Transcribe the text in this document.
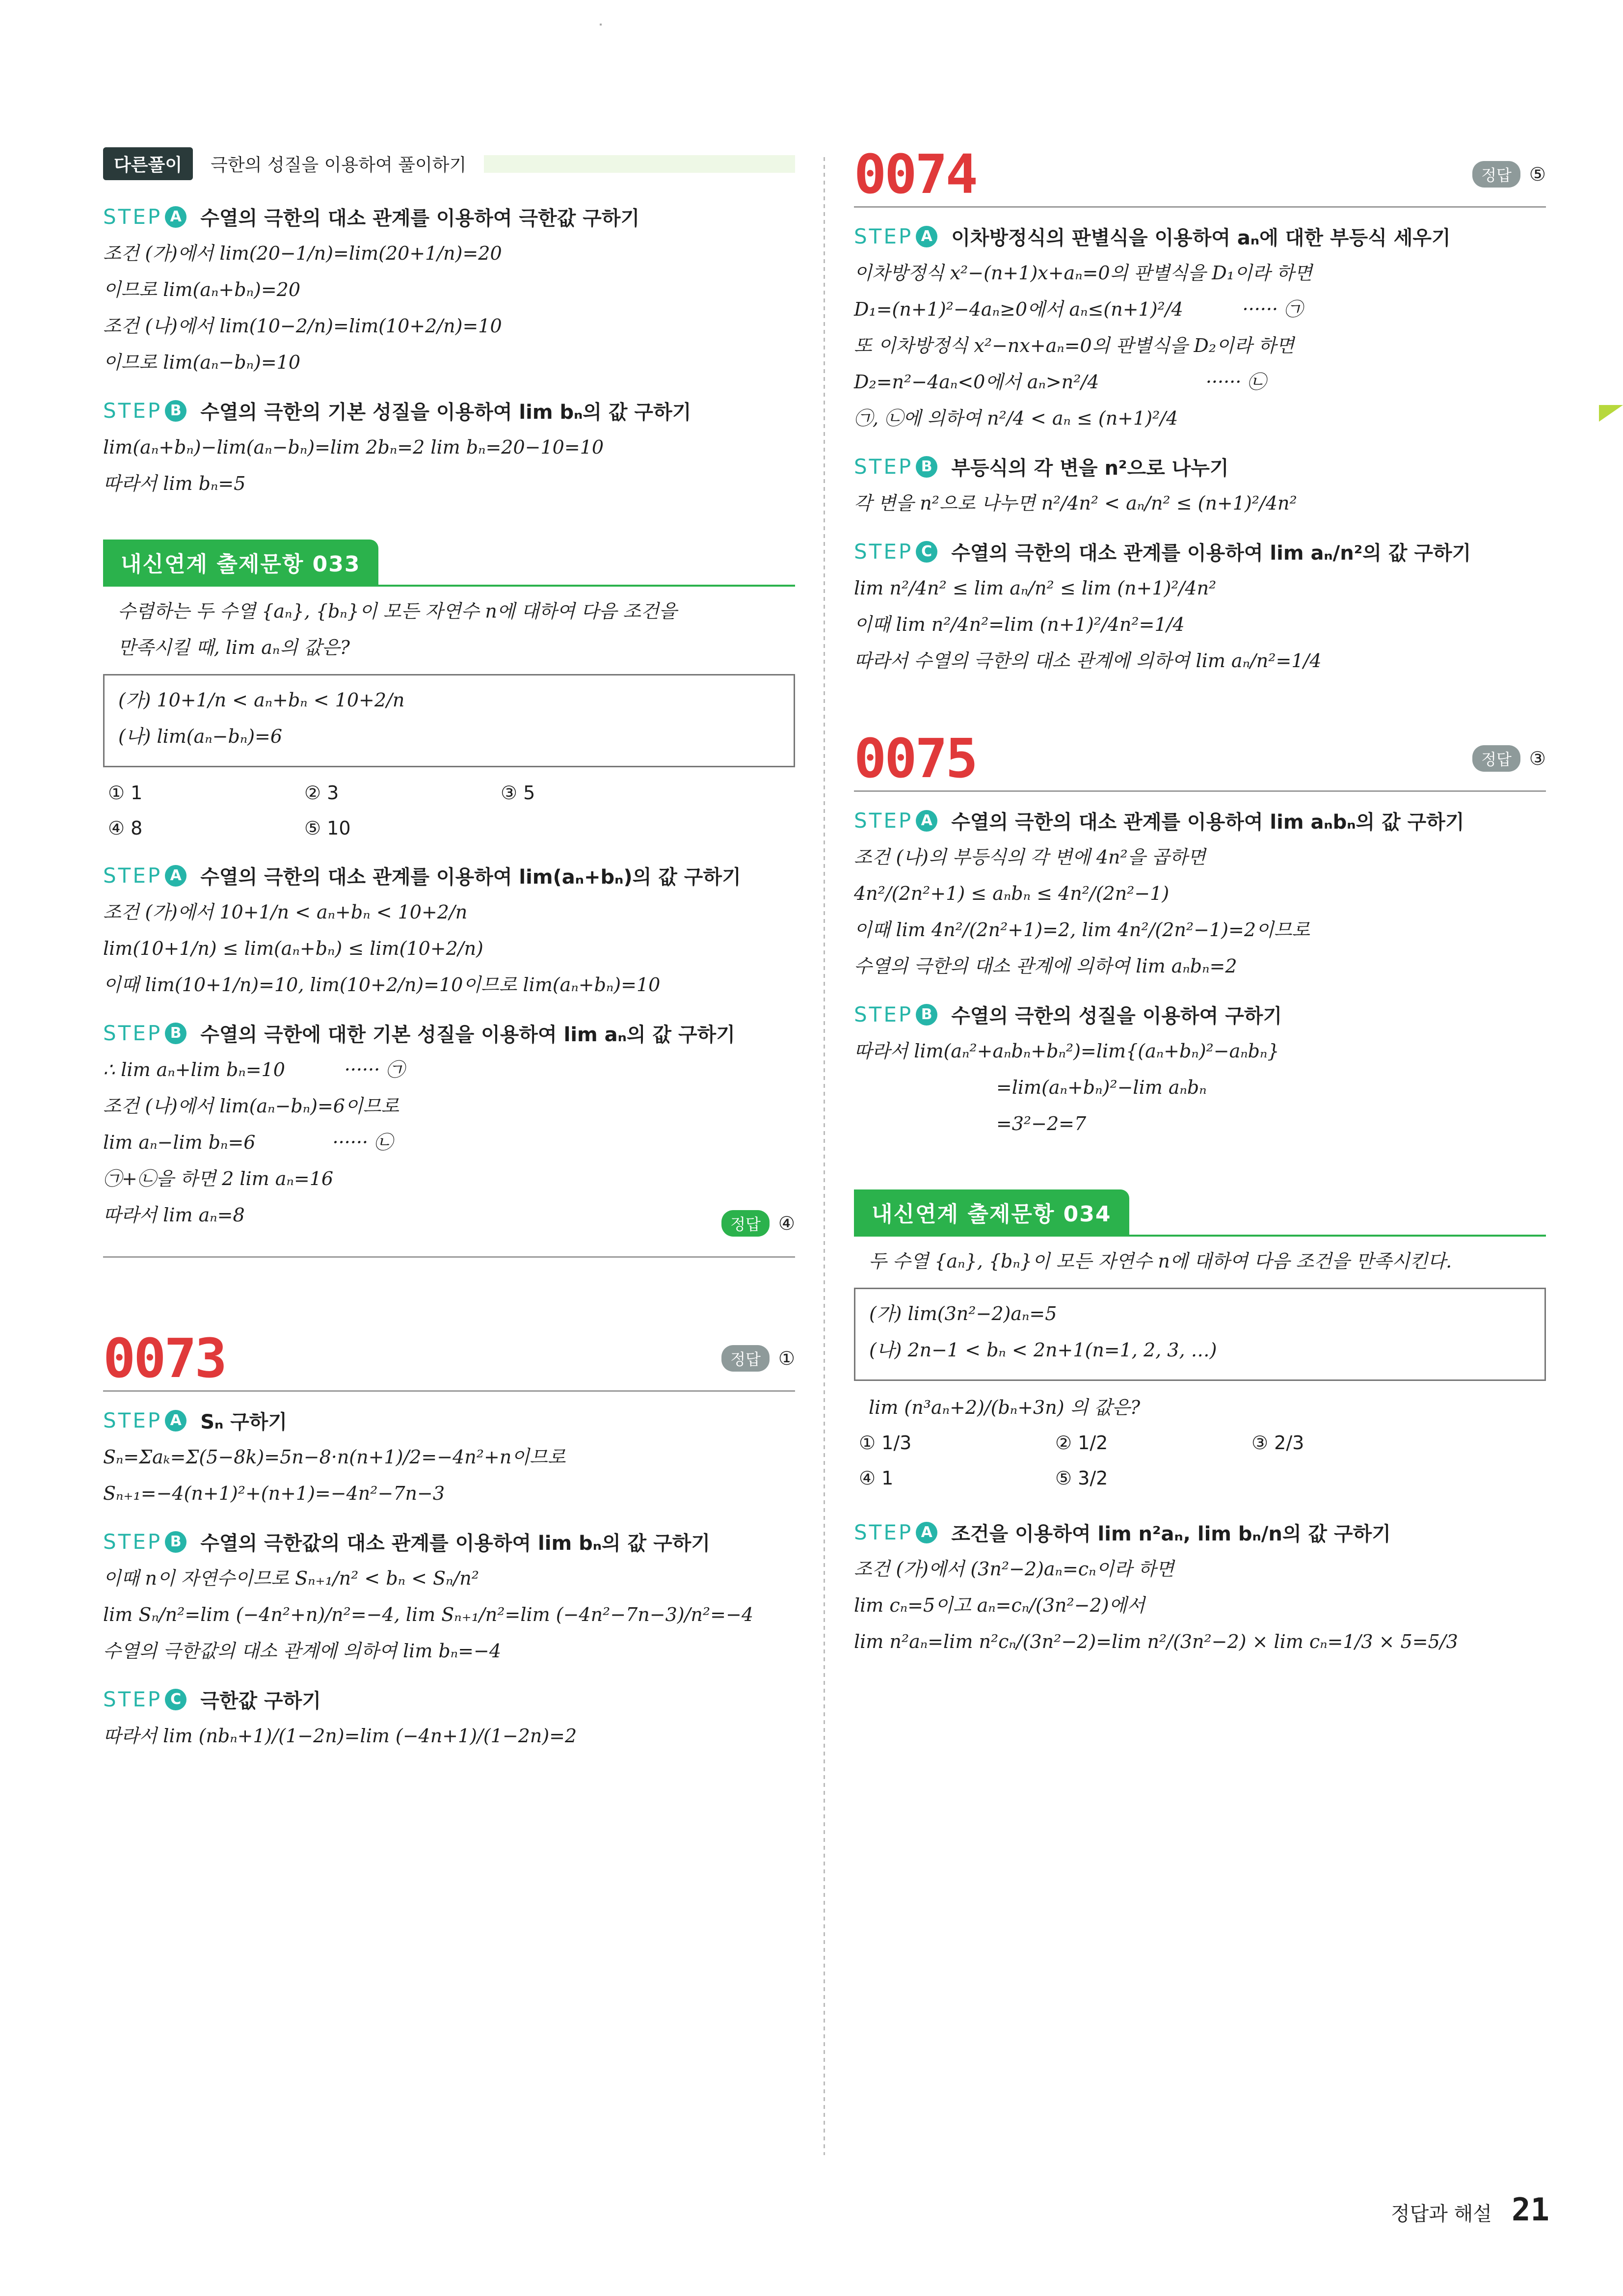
다른풀이	극한의 성질을 이용하여 풀이하기
STEP A 수열의 극한의 대소 관계를 이용하여 극한값 구하기
조건 (가)에서 lim(20−1/n)=lim(20+1/n)=20
이므로 lim(aₙ+bₙ)=20
조건 (나)에서 lim(10−2/n)=lim(10+2/n)=10
이므로 lim(aₙ−bₙ)=10
STEP B 수열의 극한의 기본 성질을 이용하여 lim bₙ의 값 구하기
lim(aₙ+bₙ)−lim(aₙ−bₙ)=lim 2bₙ=2 lim bₙ=20−10=10
따라서 lim bₙ=5
내신연계 출제문항 033
수렴하는 두 수열 {aₙ}, {bₙ}이 모든 자연수 n에 대하여 다음 조건을
만족시킬 때, lim aₙ의 값은?
(가) 10+1/n < aₙ+bₙ < 10+2/n
(나) lim(aₙ−bₙ)=6
① 1	② 3	③ 5
④ 8	⑤ 10
STEP A 수열의 극한의 대소 관계를 이용하여 lim(aₙ+bₙ)의 값 구하기
조건 (가)에서 10+1/n < aₙ+bₙ < 10+2/n
lim(10+1/n) ≤ lim(aₙ+bₙ) ≤ lim(10+2/n)
이때 lim(10+1/n)=10, lim(10+2/n)=10이므로 lim(aₙ+bₙ)=10
STEP B 수열의 극한에 대한 기본 성질을 이용하여 lim aₙ의 값 구하기
∴ lim aₙ+lim bₙ=10          ······ ㉠
조건 (나)에서 lim(aₙ−bₙ)=6이므로
lim aₙ−lim bₙ=6             ······ ㉡
㉠+㉡을 하면 2 lim aₙ=16
따라서 lim aₙ=8	정답 ④
0073	정답 ①
STEP A Sₙ 구하기
Sₙ=Σaₖ=Σ(5−8k)=5n−8·n(n+1)/2=−4n²+n이므로
Sₙ₊₁=−4(n+1)²+(n+1)=−4n²−7n−3
STEP B 수열의 극한값의 대소 관계를 이용하여 lim bₙ의 값 구하기
이때 n이 자연수이므로 Sₙ₊₁/n² < bₙ < Sₙ/n²
lim Sₙ/n²=lim (−4n²+n)/n²=−4, lim Sₙ₊₁/n²=lim (−4n²−7n−3)/n²=−4
수열의 극한값의 대소 관계에 의하여 lim bₙ=−4
STEP C 극한값 구하기
따라서 lim (nbₙ+1)/(1−2n)=lim (−4n+1)/(1−2n)=2
0074	정답 ⑤
STEP A 이차방정식의 판별식을 이용하여 aₙ에 대한 부등식 세우기
이차방정식 x²−(n+1)x+aₙ=0의 판별식을 D₁이라 하면
D₁=(n+1)²−4aₙ≥0에서 aₙ≤(n+1)²/4          ······ ㉠
또 이차방정식 x²−nx+aₙ=0의 판별식을 D₂이라 하면
D₂=n²−4aₙ<0에서 aₙ>n²/4                  ······ ㉡
㉠, ㉡에 의하여 n²/4 < aₙ ≤ (n+1)²/4
STEP B 부등식의 각 변을 n²으로 나누기
각 변을 n²으로 나누면 n²/4n² < aₙ/n² ≤ (n+1)²/4n²
STEP C 수열의 극한의 대소 관계를 이용하여 lim aₙ/n²의 값 구하기
lim n²/4n² ≤ lim aₙ/n² ≤ lim (n+1)²/4n²
이때 lim n²/4n²=lim (n+1)²/4n²=1/4
따라서 수열의 극한의 대소 관계에 의하여 lim aₙ/n²=1/4
0075	정답 ③
STEP A 수열의 극한의 대소 관계를 이용하여 lim aₙbₙ의 값 구하기
조건 (나)의 부등식의 각 변에 4n²을 곱하면
4n²/(2n²+1) ≤ aₙbₙ ≤ 4n²/(2n²−1)
이때 lim 4n²/(2n²+1)=2, lim 4n²/(2n²−1)=2이므로
수열의 극한의 대소 관계에 의하여 lim aₙbₙ=2
STEP B 수열의 극한의 성질을 이용하여 구하기
따라서 lim(aₙ²+aₙbₙ+bₙ²)=lim{(aₙ+bₙ)²−aₙbₙ}
=lim(aₙ+bₙ)²−lim aₙbₙ
=3²−2=7
내신연계 출제문항 034
두 수열 {aₙ}, {bₙ}이 모든 자연수 n에 대하여 다음 조건을 만족시킨다.
(가) lim(3n²−2)aₙ=5
(나) 2n−1 < bₙ < 2n+1(n=1, 2, 3, …)
lim (n³aₙ+2)/(bₙ+3n) 의 값은?
① 1/3	② 1/2	③ 2/3
④ 1	⑤ 3/2
STEP A 조건을 이용하여 lim n²aₙ, lim bₙ/n의 값 구하기
조건 (가)에서 (3n²−2)aₙ=cₙ이라 하면
lim cₙ=5이고 aₙ=cₙ/(3n²−2)에서
lim n²aₙ=lim n²cₙ/(3n²−2)=lim n²/(3n²−2) × lim cₙ=1/3 × 5=5/3
정답과 해설 21
